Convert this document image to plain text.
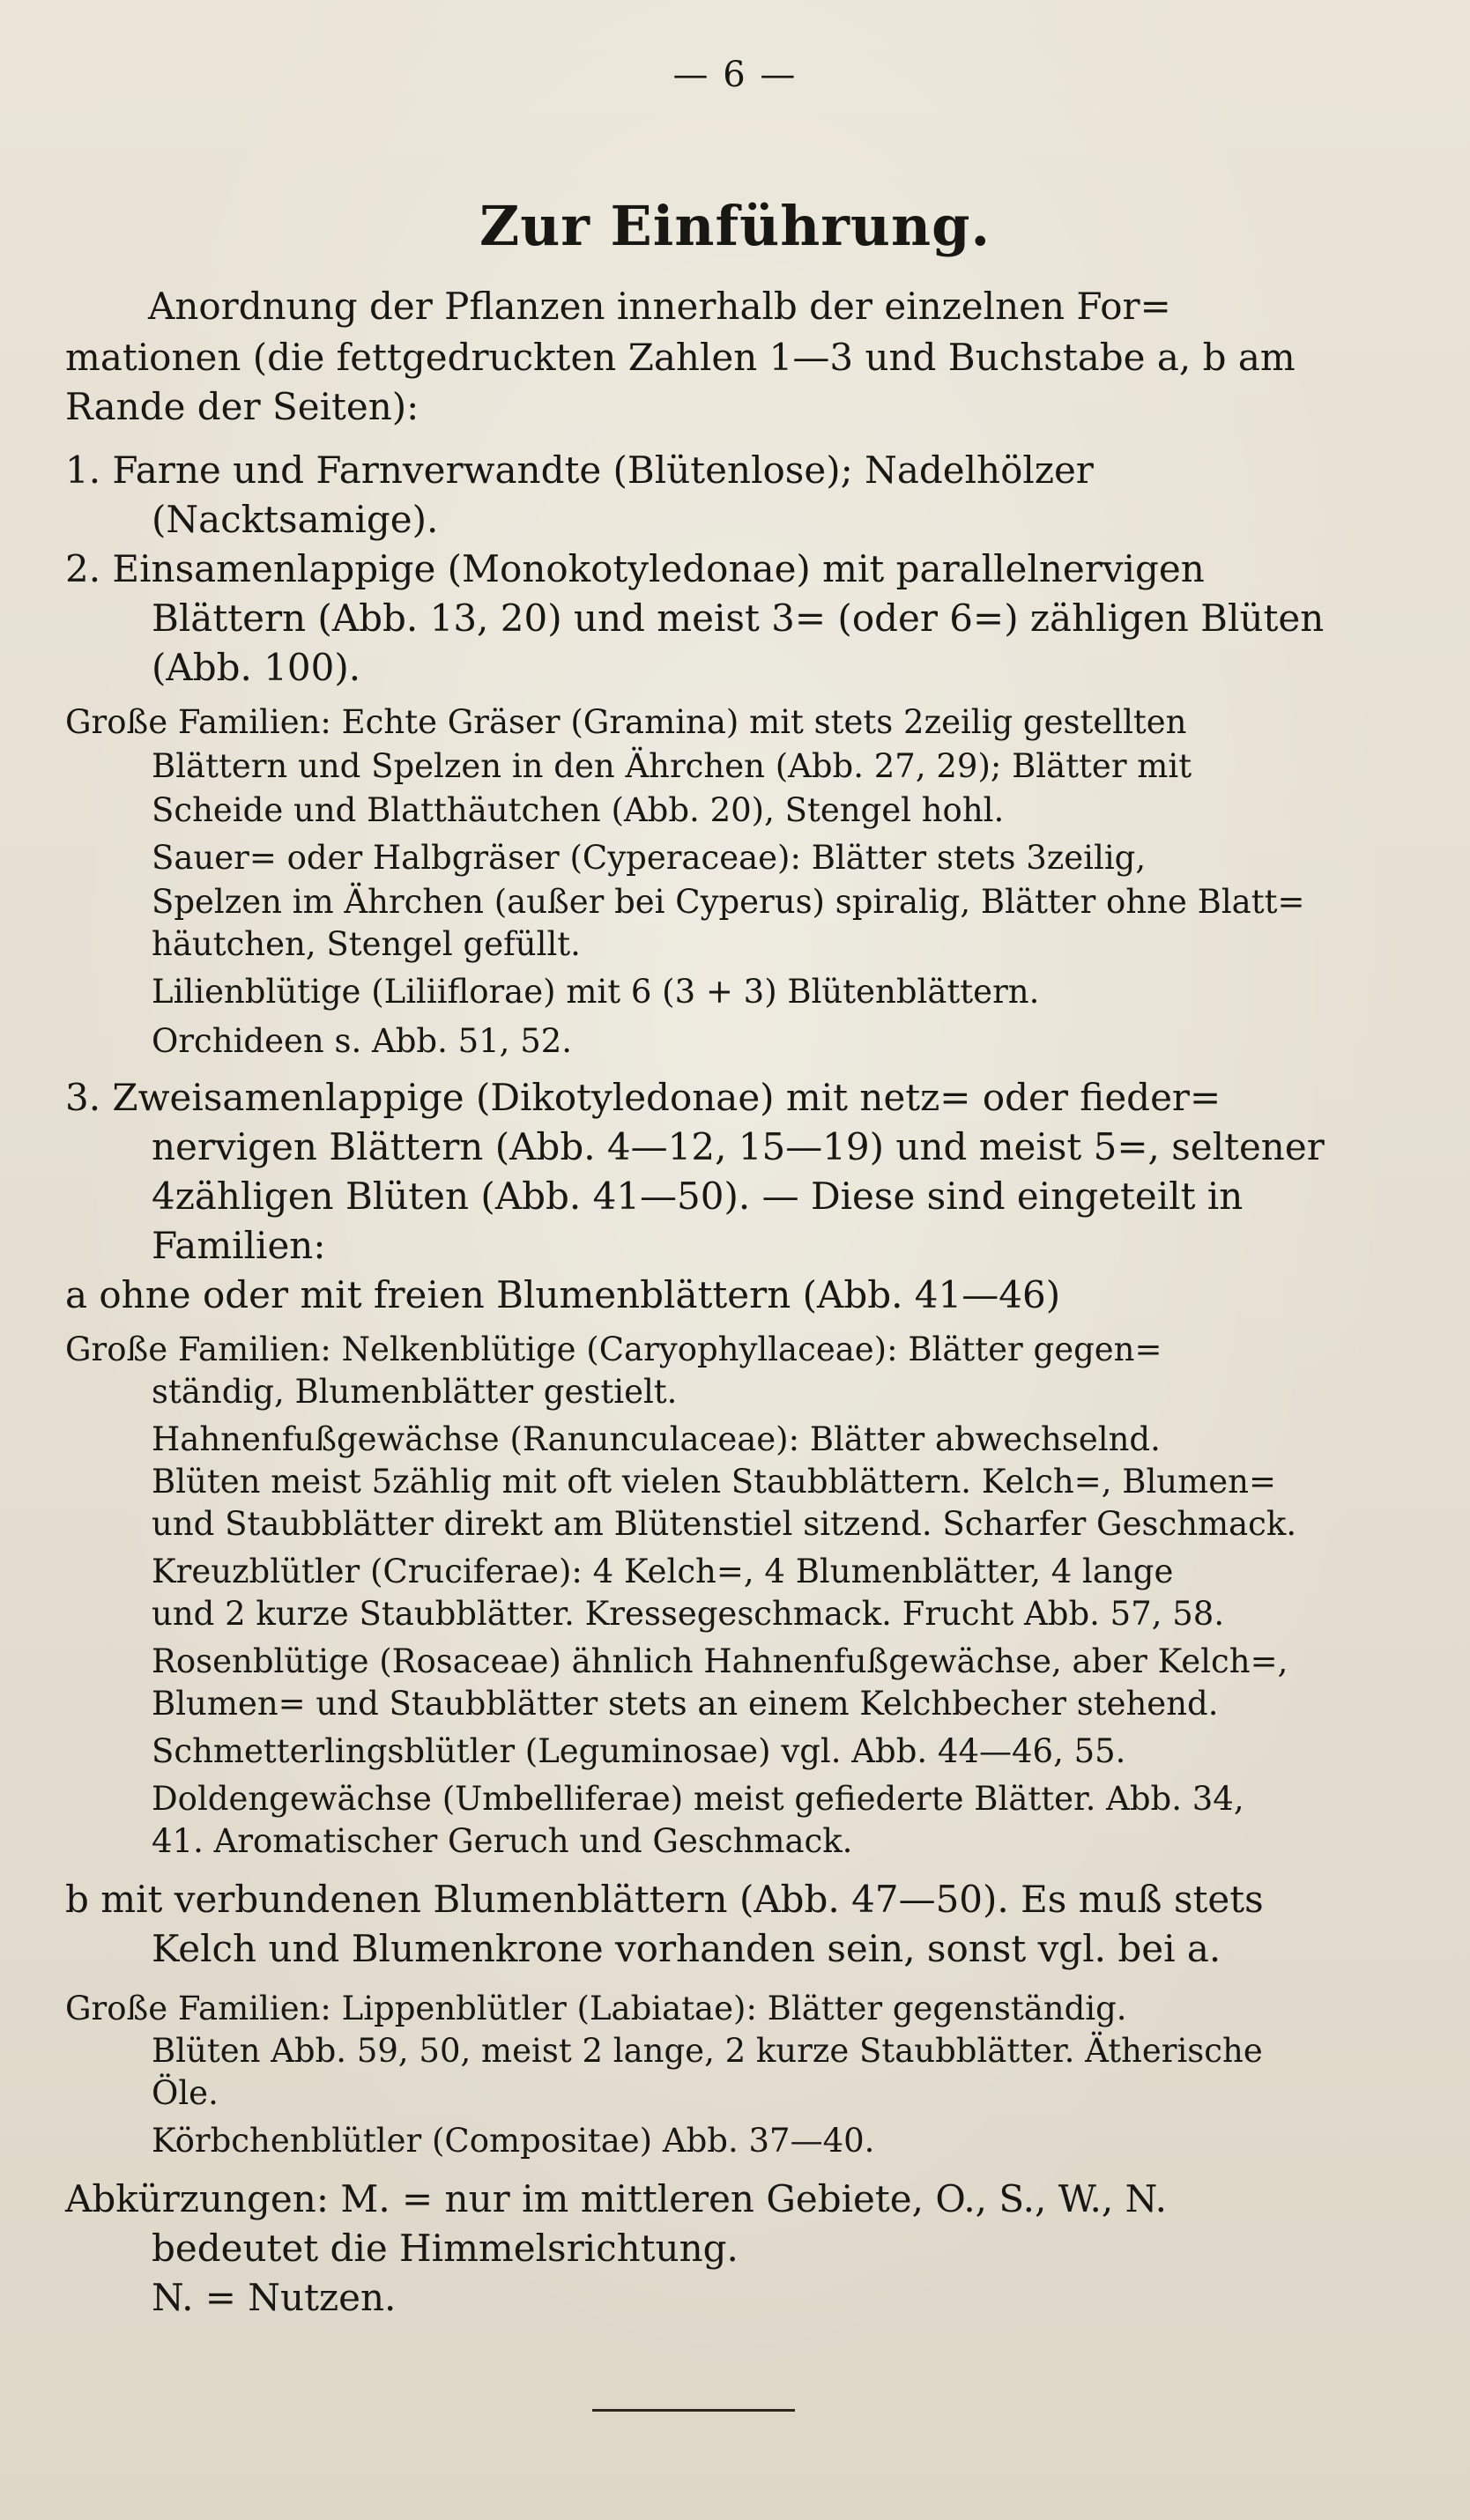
— 6 —
Zur Einführung.
Anordnung der Pflanzen innerhalb der einzelnen For=
mationen (die fettgedruckten Zahlen 1—3 und Buchstabe a, b am
Rande der Seiten):
1. Farne und Farnverwandte (Blütenlose); Nadelhölzer
(Nacktsamige).
2. Einsamenlappige (Monokotyledonae) mit parallelnervigen
Blättern (Abb. 13, 20) und meist 3= (oder 6=) zähligen Blüten
(Abb. 100).
Große Familien: Echte Gräser (Gramina) mit stets 2zeilig gestellten
Blättern und Spelzen in den Ährchen (Abb. 27, 29); Blätter mit
Scheide und Blatthäutchen (Abb. 20), Stengel hohl.
Sauer= oder Halbgräser (Cyperaceae): Blätter stets 3zeilig,
Spelzen im Ährchen (außer bei Cyperus) spiralig, Blätter ohne Blatt=
häutchen, Stengel gefüllt.
Lilienblütige (Liliiflorae) mit 6 (3 + 3) Blütenblättern.
Orchideen s. Abb. 51, 52.
3. Zweisamenlappige (Dikotyledonae) mit netz= oder fieder=
nervigen Blättern (Abb. 4—12, 15—19) und meist 5=, seltener
4zähligen Blüten (Abb. 41—50). — Diese sind eingeteilt in
Familien:
a ohne oder mit freien Blumenblättern (Abb. 41—46)
Große Familien: Nelkenblütige (Caryophyllaceae): Blätter gegen=
ständig, Blumenblätter gestielt.
Hahnenfußgewächse (Ranunculaceae): Blätter abwechselnd.
Blüten meist 5zählig mit oft vielen Staubblättern. Kelch=, Blumen=
und Staubblätter direkt am Blütenstiel sitzend. Scharfer Geschmack.
Kreuzblütler (Cruciferae): 4 Kelch=, 4 Blumenblätter, 4 lange
und 2 kurze Staubblätter. Kressegeschmack. Frucht Abb. 57, 58.
Rosenblütige (Rosaceae) ähnlich Hahnenfußgewächse, aber Kelch=,
Blumen= und Staubblätter stets an einem Kelchbecher stehend.
Schmetterlingsblütler (Leguminosae) vgl. Abb. 44—46, 55.
Doldengewächse (Umbelliferae) meist gefiederte Blätter. Abb. 34,
41. Aromatischer Geruch und Geschmack.
b mit verbundenen Blumenblättern (Abb. 47—50). Es muß stets
Kelch und Blumenkrone vorhanden sein, sonst vgl. bei a.
Große Familien: Lippenblütler (Labiatae): Blätter gegenständig.
Blüten Abb. 59, 50, meist 2 lange, 2 kurze Staubblätter. Ätherische
Öle.
Körbchenblütler (Compositae) Abb. 37—40.
Abkürzungen: M. = nur im mittleren Gebiete, O., S., W., N.
bedeutet die Himmelsrichtung.
N. = Nutzen.
